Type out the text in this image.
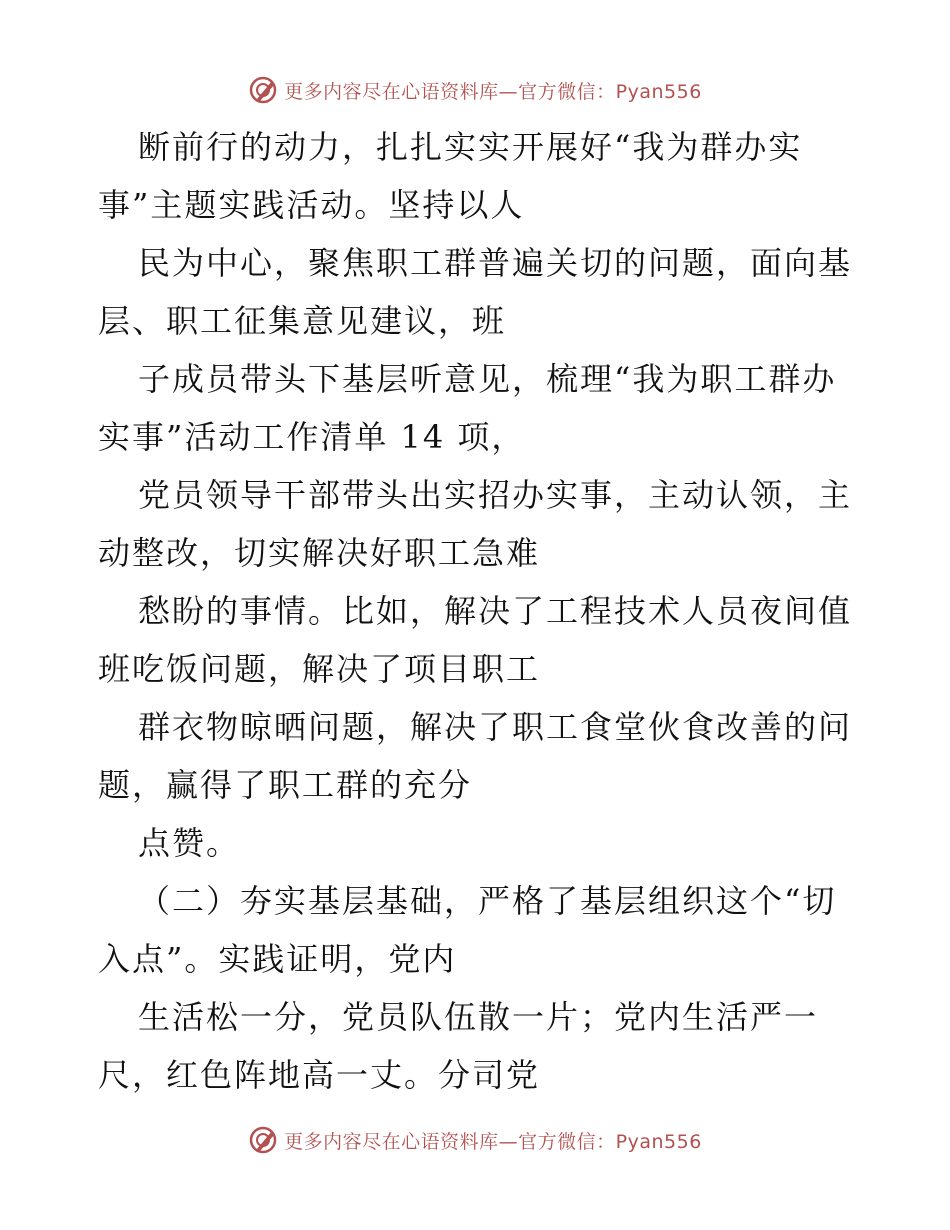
更多内容尽在心语资料库—官方微信：Pyan556
断前行的动力，扎扎实实开展好“我为群办实
事”主题实践活动。坚持以人
民为中心，聚焦职工群普遍关切的问题，面向基
层、职工征集意见建议，班
子成员带头下基层听意见，梳理“我为职工群办
实事”活动工作清单 14 项，
党员领导干部带头出实招办实事，主动认领，主
动整改，切实解决好职工急难
愁盼的事情。比如，解决了工程技术人员夜间值
班吃饭问题，解决了项目职工
群衣物晾晒问题，解决了职工食堂伙食改善的问
题，赢得了职工群的充分
点赞。
（二）夯实基层基础，严格了基层组织这个“切
入点”。实践证明，党内
生活松一分，党员队伍散一片；党内生活严一
尺，红色阵地高一丈。分司党
更多内容尽在心语资料库—官方微信：Pyan556
